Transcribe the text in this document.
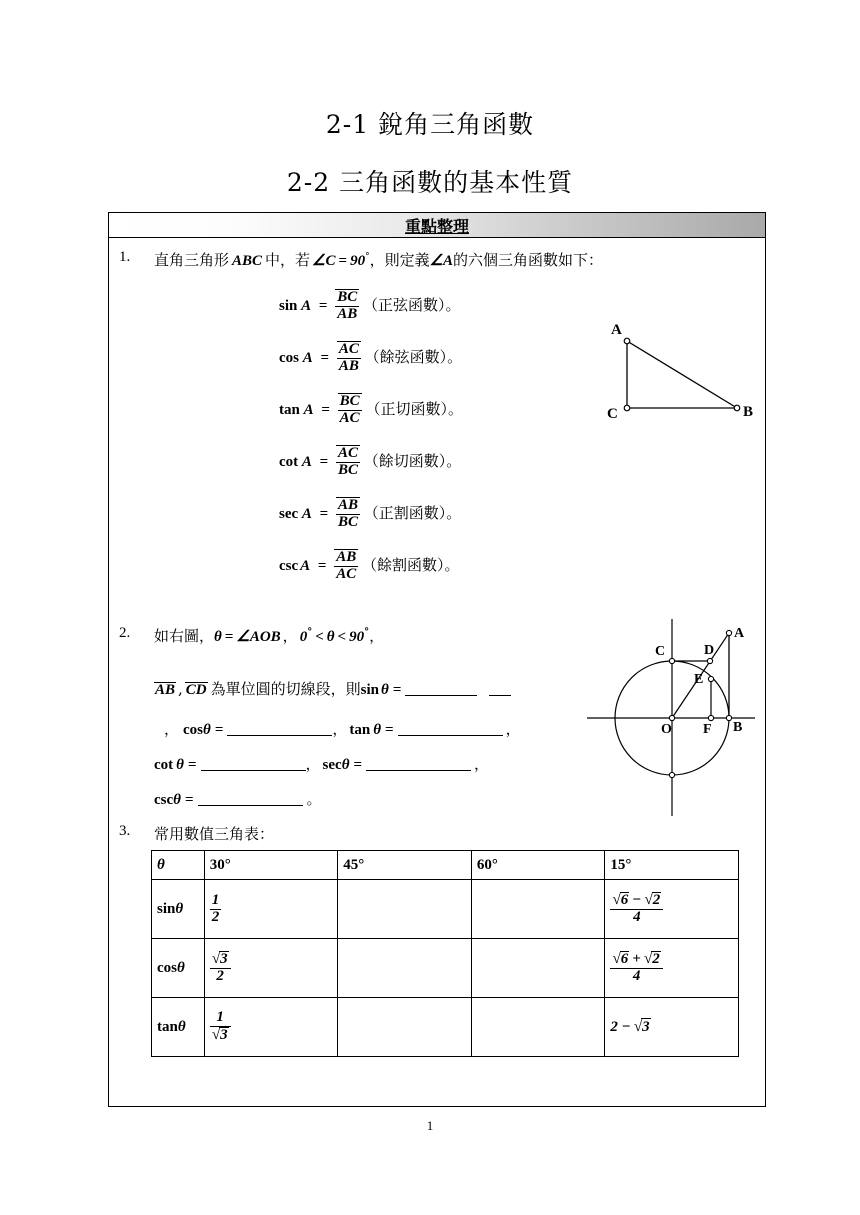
2-1 銳角三角函數
2-2 三角函數的基本性質
重點整理
1. 直角三角形 ABC 中，若 ∠C = 90°，則定義∠A的六個三角函數如下：
$\sin A = \frac{BC}{AB}$ （正弦函數）。
$\cos A = \frac{AC}{AB}$ （餘弦函數）。
$\tan A = \frac{BC}{AC}$ （正切函數）。
$\cot A = \frac{AC}{BC}$ （餘切函數）。
$\sec A = \frac{AB}{BC}$ （正割函數）。
$\csc A = \frac{AB}{AC}$ （餘割函數）。
A
C	B
2. 如右圖，θ = ∠AOB ， 0° < θ < 90°，
AB , CD 為單位圓的切線段，則sin θ =
， cosθ =	， tan θ =	，
cot θ =	， secθ =	，
cscθ =	。
C	D
A
E
O F B
3. 常用數值三角表：
θ	30°	45°	60°	15°
sinθ	$\frac{1}{2}$			$\frac{√6 - √2}{4}$

cosθ	$\frac{√3}{2}$			$\frac{√6 + √2}{4}$

tanθ	$\frac{1}{√3}$			2 − √3
1
